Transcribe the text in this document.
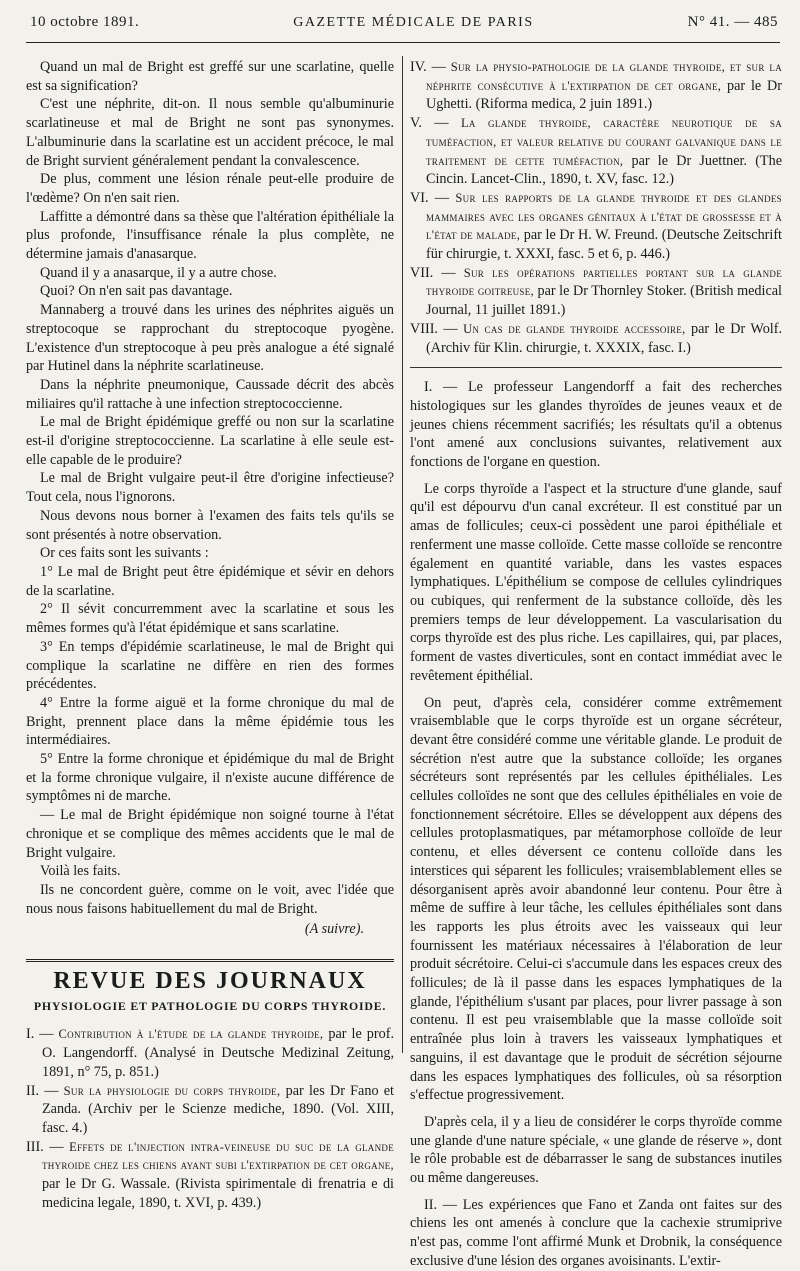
10 octobre 1891.	GAZETTE MÉDICALE DE PARIS	N° 41. — 485

Quand un mal de Bright est greffé sur une scarlatine, quelle est sa signification?

C'est une néphrite, dit-on. Il nous semble qu'albuminurie scarlatineuse et mal de Bright ne sont pas synonymes. L'albuminurie dans la scarlatine est un accident précoce, le mal de Bright survient généralement pendant la convalescence.

De plus, comment une lésion rénale peut-elle produire de l'œdème? On n'en sait rien.

Laffitte a démontré dans sa thèse que l'altération épithéliale la plus profonde, l'insuffisance rénale la plus complète, ne détermine jamais d'anasarque.

Quand il y a anasarque, il y a autre chose.

Quoi? On n'en sait pas davantage.

Mannaberg a trouvé dans les urines des néphrites aiguës un streptocoque se rapprochant du streptocoque pyogène. L'existence d'un streptocoque à peu près analogue a été signalé par Hutinel dans la néphrite scarlatineuse.

Dans la néphrite pneumonique, Caussade décrit des abcès miliaires qu'il rattache à une infection streptococcienne.

Le mal de Bright épidémique greffé ou non sur la scarlatine est-il d'origine streptococcienne. La scarlatine à elle seule est-elle capable de le produire?

Le mal de Bright vulgaire peut-il être d'origine infectieuse? Tout cela, nous l'ignorons.

Nous devons nous borner à l'examen des faits tels qu'ils se sont présentés à notre observation.

Or ces faits sont les suivants :

1° Le mal de Bright peut être épidémique et sévir en dehors de la scarlatine.

2° Il sévit concurremment avec la scarlatine et sous les mêmes formes qu'à l'état épidémique et sans scarlatine.

3° En temps d'épidémie scarlatineuse, le mal de Bright qui complique la scarlatine ne diffère en rien des formes précédentes.

4° Entre la forme aiguë et la forme chronique du mal de Bright, prennent place dans la même épidémie tous les intermédiaires.

5° Entre la forme chronique et épidémique du mal de Bright et la forme chronique vulgaire, il n'existe aucune différence de symptômes ni de marche.

— Le mal de Bright épidémique non soigné tourne à l'état chronique et se complique des mêmes accidents que le mal de Bright vulgaire.

Voilà les faits.

Ils ne concordent guère, comme on le voit, avec l'idée que nous nous faisons habituellement du mal de Bright.

(A suivre).

REVUE DES JOURNAUX

PHYSIOLOGIE ET PATHOLOGIE DU CORPS THYROIDE.

I. — Contribution à l'étude de la glande thyroide, par le prof. O. Langendorff. (Analysé in Deutsche Medizinal Zeitung, 1891, n° 75, p. 851.)

II. — Sur la physiologie du corps thyroide, par les Dr Fano et Zanda. (Archiv per le Scienze mediche, 1890. (Vol. XIII, fasc. 4.)

III. — Effets de l'injection intra-veineuse du suc de la glande thyroide chez les chiens ayant subi l'extirpation de cet organe, par le Dr G. Wassale. (Rivista spirimentale di frenatria e di medicina legale, 1890, t. XVI, p. 439.)

IV. — Sur la physio-pathologie de la glande thyroide, et sur la néphrite consécutive à l'extirpation de cet organe, par le Dr Ughetti. (Riforma medica, 2 juin 1891.)

V. — La glande thyroide, caractère neurotique de sa tuméfaction, et valeur relative du courant galvanique dans le traitement de cette tuméfaction, par le Dr Juettner. (The Cincin. Lancet-Clin., 1890, t. XV, fasc. 12.)

VI. — Sur les rapports de la glande thyroide et des glandes mammaires avec les organes génitaux à l'état de grossesse et à l'état de malade, par le Dr H. W. Freund. (Deutsche Zeitschrift für chirurgie, t. XXXI, fasc. 5 et 6, p. 446.)

VII. — Sur les opérations partielles portant sur la glande thyroide goitreuse, par le Dr Thornley Stoker. (British medical Journal, 11 juillet 1891.)

VIII. — Un cas de glande thyroide accessoire, par le Dr Wolf. (Archiv für Klin. chirurgie, t. XXXIX, fasc. I.)

I. — Le professeur Langendorff a fait des recherches histologiques sur les glandes thyroïdes de jeunes veaux et de jeunes chiens récemment sacrifiés; les résultats qu'il a obtenus l'ont amené aux conclusions suivantes, relativement aux fonctions de l'organe en question.

Le corps thyroïde a l'aspect et la structure d'une glande, sauf qu'il est dépourvu d'un canal excréteur. Il est constitué par un amas de follicules; ceux-ci possèdent une paroi épithéliale et renferment une masse colloïde. Cette masse colloïde se rencontre également en quantité variable, dans les vastes espaces lymphatiques. L'épithélium se compose de cellules cylindriques ou cubiques, qui renferment de la substance colloïde, dès les premiers temps de leur développement. La vascularisation du corps thyroïde est des plus riche. Les capillaires, qui, par places, forment de vastes diverticules, sont en contact immédiat avec le revêtement épithélial.

On peut, d'après cela, considérer comme extrêmement vraisemblable que le corps thyroïde est un organe sécréteur, devant être considéré comme une véritable glande. Le produit de sécrétion n'est autre que la substance colloïde; les organes sécréteurs sont représentés par les cellules épithéliales. Les cellules colloïdes ne sont que des cellules épithéliales en voie de fonctionnement sécrétoire. Elles se développent aux dépens des cellules protoplasmatiques, par métamorphose colloïde de leur contenu, et elles déversent ce contenu colloïde dans les interstices qui séparent les follicules; vraisemblablement elles se désorganisent après avoir abandonné leur contenu. Pour être à même de suffire à leur tâche, les cellules épithéliales sont dans les rapports les plus étroits avec les vaisseaux qui leur fournissent les matériaux nécessaires à l'élaboration de leur produit sécrétoire. Celui-ci s'accumule dans les espaces creux des follicules; de là il passe dans les espaces lymphatiques de la glande, l'épithélium s'usant par places, pour livrer passage à son contenu. Il est peu vraisemblable que la masse colloïde soit entraînée plus loin à travers les vaisseaux lymphatiques et sanguins, il est davantage que le produit de sécrétion séjourne dans les espaces lymphatiques des follicules, où sa résorption s'effectue progressivement.

D'après cela, il y a lieu de considérer le corps thyroïde comme une glande d'une nature spéciale, « une glande de réserve », dont le rôle probable est de débarrasser le sang de substances inutiles ou même dangereuses.

II. — Les expériences que Fano et Zanda ont faites sur des chiens les ont amenés à conclure que la cachexie strumiprive n'est pas, comme l'ont affirmé Munk et Drobnik, la conséquence exclusive d'une lésion des organes avoisinants. L'extir-
